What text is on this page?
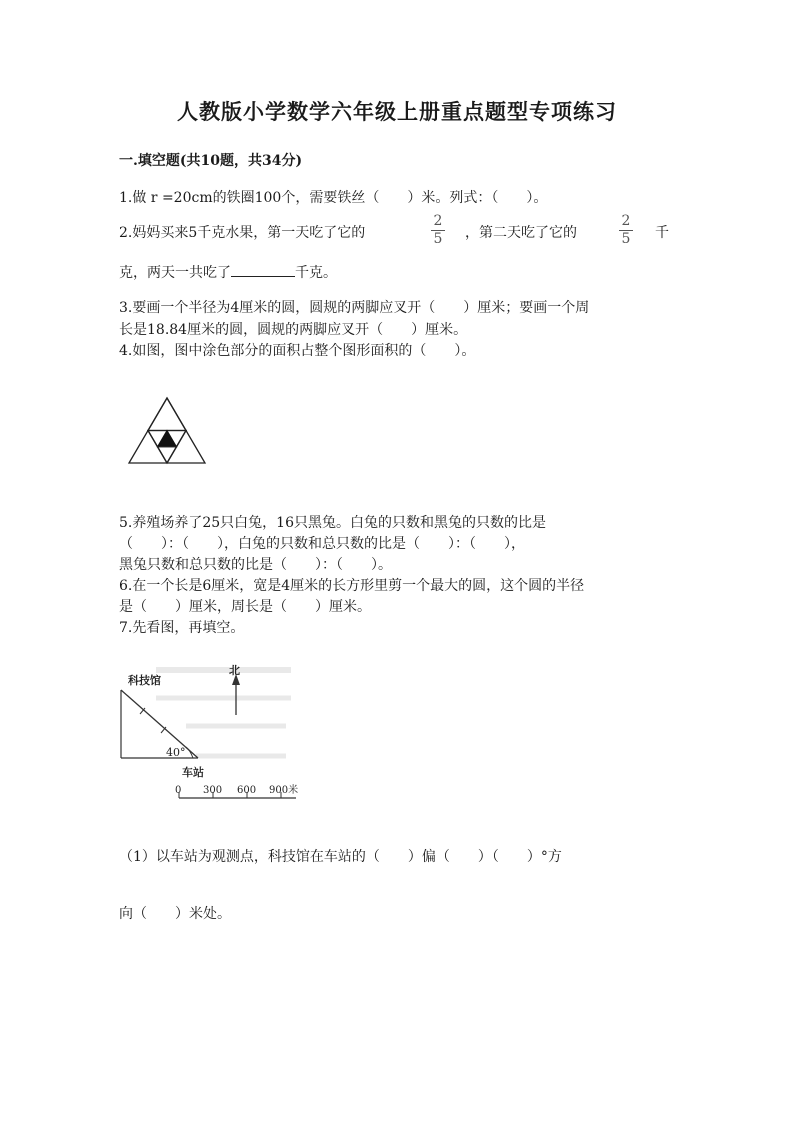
人教版小学数学六年级上册重点题型专项练习
一.填空题(共10题，共34分)
1.做 r =20cm的铁圈100个，需要铁丝（　　）米。列式：（　　）。
2.妈妈买来5千克水果，第一天吃了它的
2
5 ，第二天吃了它的
2
5 千
克，两天一共吃了	千克。
3.要画一个半径为4厘米的圆，圆规的两脚应叉开（　　）厘米；要画一个周
长是18.84厘米的圆，圆规的两脚应叉开（　　）厘米。
4.如图，图中涂色部分的面积占整个图形面积的（　　）。
5.养殖场养了25只白兔，16只黑兔。白兔的只数和黑兔的只数的比是
（　　）：（　　），白兔的只数和总只数的比是（　　）：（　　），
黑兔只数和总只数的比是（　　）：（　　）。
6.在一个长是6厘米，宽是4厘米的长方形里剪一个最大的圆，这个圆的半径
是（　　）厘米，周长是（　　）厘米。
7.先看图，再填空。
科技馆
40°
车站
北
0 300 600 900米
（1）以车站为观测点，科技馆在车站的（　　）偏（　　）（　　）°方
向（　　）米处。
